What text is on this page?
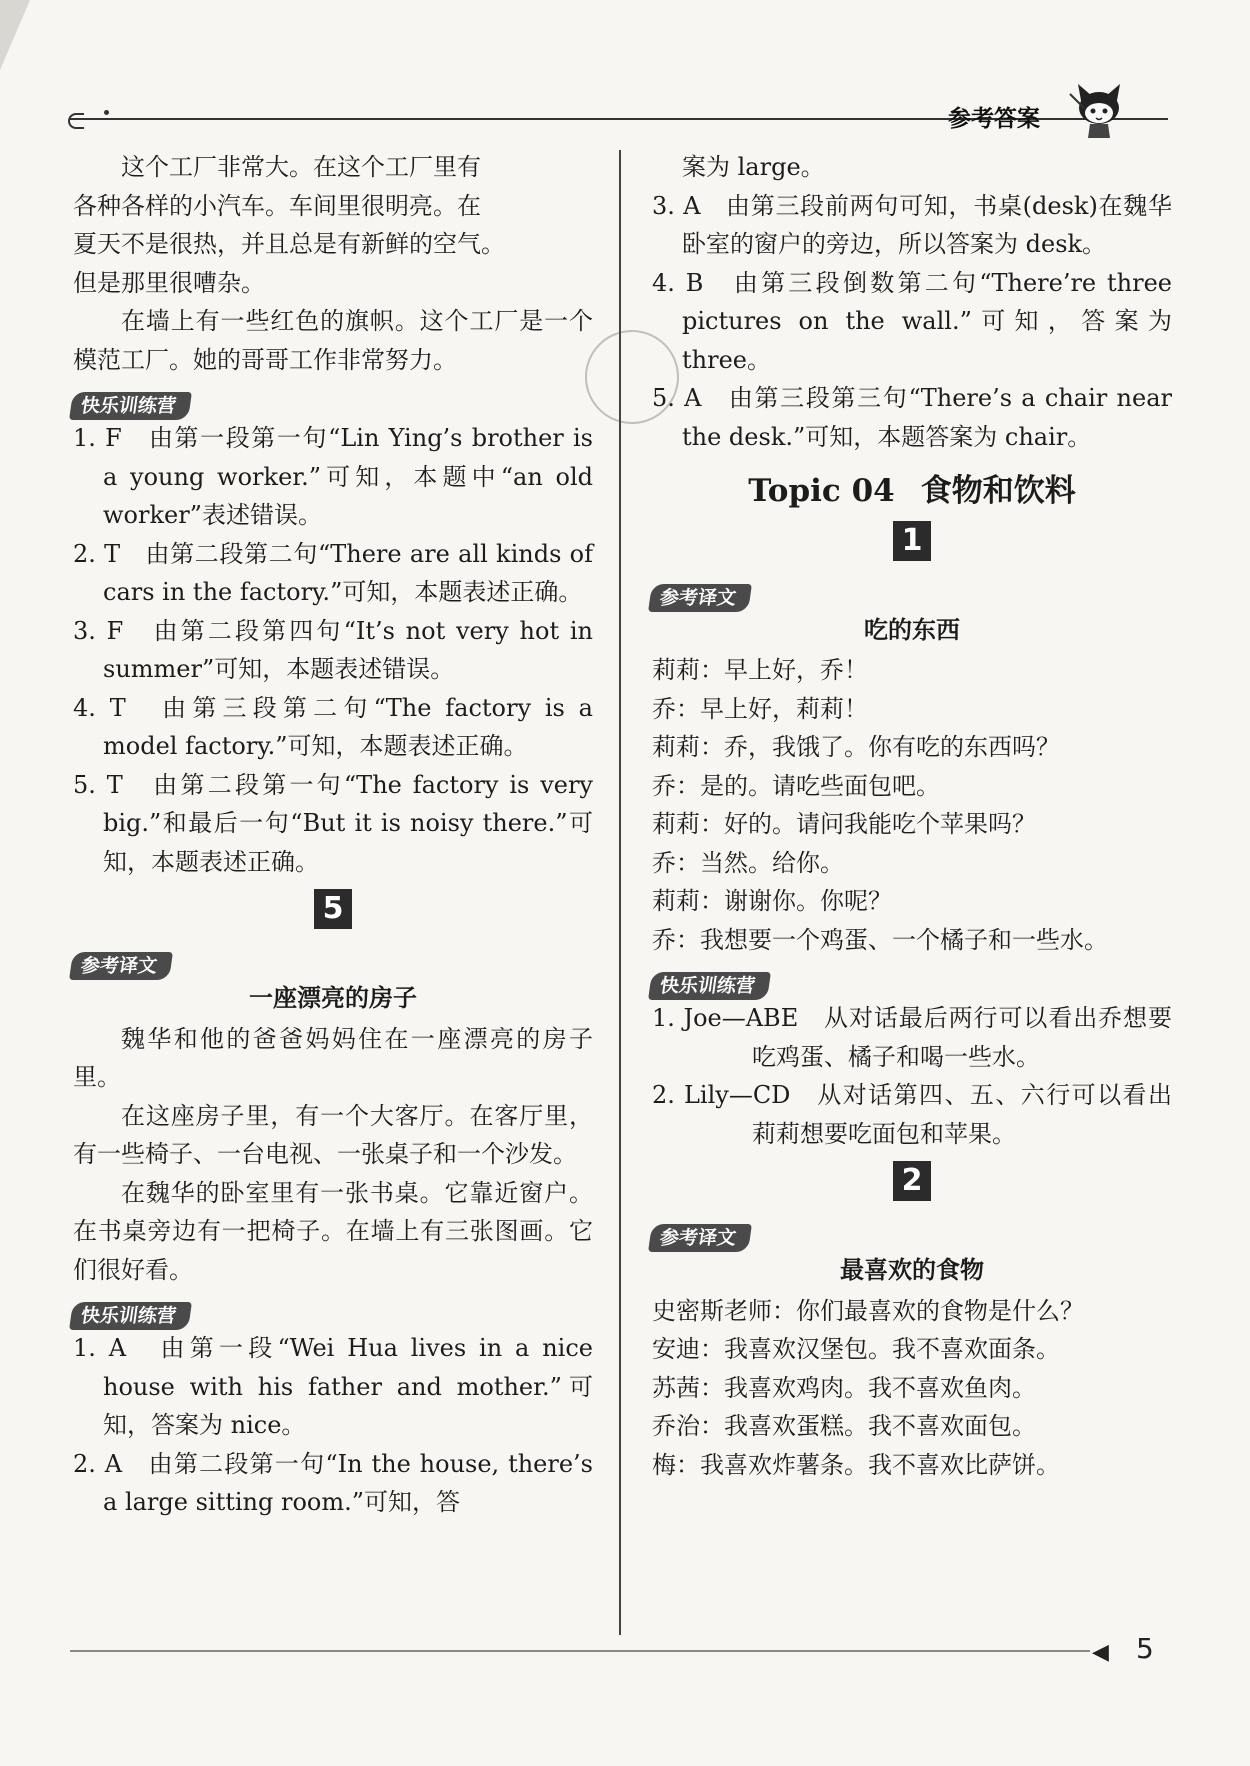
参考答案

这个工厂非常大。在这个工厂里有

各种各样的小汽车。车间里很明亮。在

夏天不是很热，并且总是有新鲜的空气。

但是那里很嘈杂。

在墙上有一些红色的旗帜。这个工厂是一个模范工厂。她的哥哥工作非常努力。

快乐训练营

1. F　由第一段第一句“Lin Ying’s brother is a young worker.”可知，本题中“an old worker”表述错误。

2. T　由第二段第二句“There are all kinds of cars in the factory.”可知，本题表述正确。

3. F　由第二段第四句“It’s not very hot in summer”可知，本题表述错误。

4. T　由第三段第二句“The factory is a model factory.”可知，本题表述正确。

5. T　由第二段第一句“The factory is very big.”和最后一句“But it is noisy there.”可知，本题表述正确。

5
参考译文

一座漂亮的房子

魏华和他的爸爸妈妈住在一座漂亮的房子里。

在这座房子里，有一个大客厅。在客厅里，有一些椅子、一台电视、一张桌子和一个沙发。

在魏华的卧室里有一张书桌。它靠近窗户。在书桌旁边有一把椅子。在墙上有三张图画。它们很好看。

快乐训练营

1. A　由第一段“Wei Hua lives in a nice house with his father and mother.”可知，答案为 nice。

2. A　由第二段第一句“In the house, there’s a large sitting room.”可知，答

案为 large。

3. A　由第三段前两句可知，书桌(desk)在魏华卧室的窗户的旁边，所以答案为 desk。

4. B　由第三段倒数第二句“There’re three pictures on the wall.”可知，答案为 three。

5. A　由第三段第三句“There’s a chair near the desk.”可知，本题答案为 chair。

Topic 04 食物和饮料

1
参考译文

吃的东西

莉莉：早上好，乔！

乔：早上好，莉莉！

莉莉：乔，我饿了。你有吃的东西吗？

乔：是的。请吃些面包吧。

莉莉：好的。请问我能吃个苹果吗？

乔：当然。给你。

莉莉：谢谢你。你呢？

乔：我想要一个鸡蛋、一个橘子和一些水。

快乐训练营

1. Joe—ABE　从对话最后两行可以看出乔想要吃鸡蛋、橘子和喝一些水。

2. Lily—CD　从对话第四、五、六行可以看出莉莉想要吃面包和苹果。

2
参考译文

最喜欢的食物

史密斯老师：你们最喜欢的食物是什么？

安迪：我喜欢汉堡包。我不喜欢面条。

苏茜：我喜欢鸡肉。我不喜欢鱼肉。

乔治：我喜欢蛋糕。我不喜欢面包。

梅：我喜欢炸薯条。我不喜欢比萨饼。

◀ 5
